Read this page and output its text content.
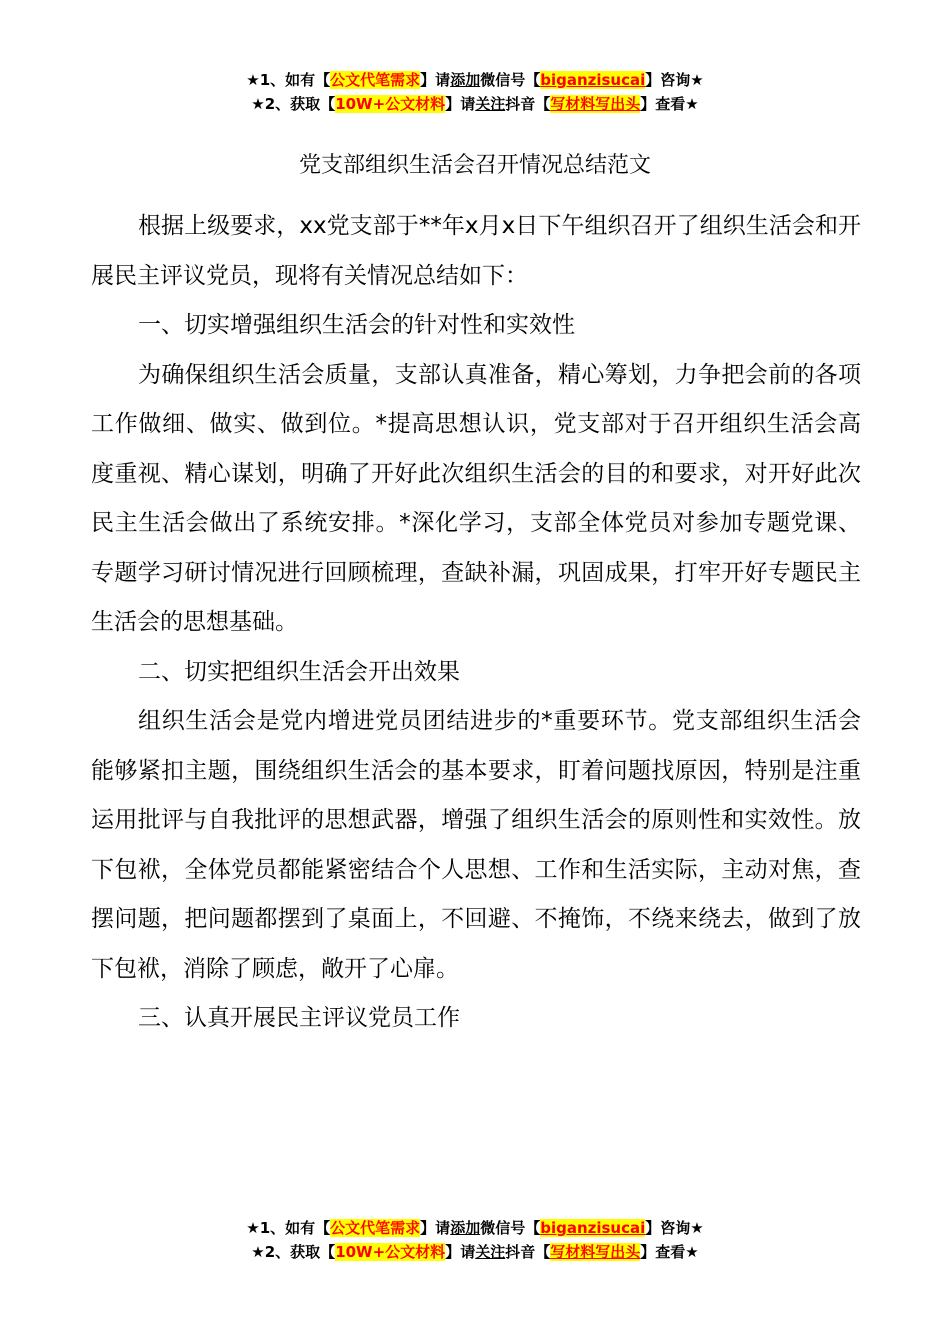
★1、如有【公文代笔需求】请添加微信号【biganzisucai】咨询★
★2、获取【10W+公文材料】请关注抖音【写材料写出头】查看★
党支部组织生活会召开情况总结范文

根据上级要求，xx党支部于**年x月x日下午组织召开了组织生活会和开展民主评议党员，现将有关情况总结如下：

一、切实增强组织生活会的针对性和实效性

为确保组织生活会质量，支部认真准备，精心筹划，力争把会前的各项工作做细、做实、做到位。*提高思想认识，党支部对于召开组织生活会高度重视、精心谋划，明确了开好此次组织生活会的目的和要求，对开好此次民主生活会做出了系统安排。*深化学习，支部全体党员对参加专题党课、专题学习研讨情况进行回顾梳理，查缺补漏，巩固成果，打牢开好专题民主生活会的思想基础。

二、切实把组织生活会开出效果

组织生活会是党内增进党员团结进步的*重要环节。党支部组织生活会能够紧扣主题，围绕组织生活会的基本要求，盯着问题找原因，特别是注重运用批评与自我批评的思想武器，增强了组织生活会的原则性和实效性。放下包袱，全体党员都能紧密结合个人思想、工作和生活实际，主动对焦，查摆问题，把问题都摆到了桌面上，不回避、不掩饰，不绕来绕去，做到了放下包袱，消除了顾虑，敞开了心扉。

三、认真开展民主评议党员工作

★1、如有【公文代笔需求】请添加微信号【biganzisucai】咨询★
★2、获取【10W+公文材料】请关注抖音【写材料写出头】查看★
